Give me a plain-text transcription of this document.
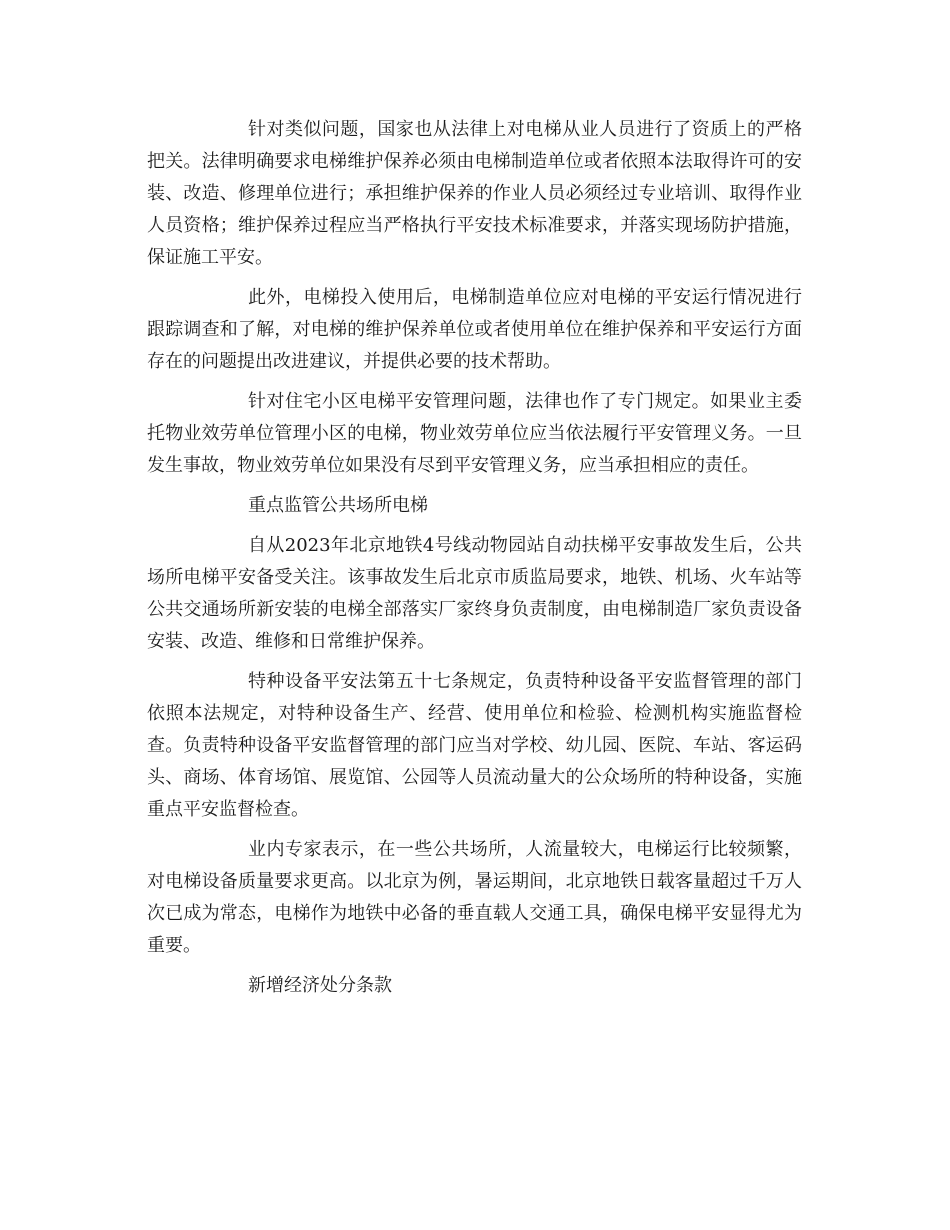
针对类似问题，国家也从法律上对电梯从业人员进行了资质上的严格把关。法律明确要求电梯维护保养必须由电梯制造单位或者依照本法取得许可的安装、改造、修理单位进行；承担维护保养的作业人员必须经过专业培训、取得作业人员资格；维护保养过程应当严格执行平安技术标准要求，并落实现场防护措施，保证施工平安。

此外，电梯投入使用后，电梯制造单位应对电梯的平安运行情况进行跟踪调查和了解，对电梯的维护保养单位或者使用单位在维护保养和平安运行方面存在的问题提出改进建议，并提供必要的技术帮助。

针对住宅小区电梯平安管理问题，法律也作了专门规定。如果业主委托物业效劳单位管理小区的电梯，物业效劳单位应当依法履行平安管理义务。一旦发生事故，物业效劳单位如果没有尽到平安管理义务，应当承担相应的责任。

重点监管公共场所电梯

自从2023年北京地铁4号线动物园站自动扶梯平安事故发生后，公共场所电梯平安备受关注。该事故发生后北京市质监局要求，地铁、机场、火车站等公共交通场所新安装的电梯全部落实厂家终身负责制度，由电梯制造厂家负责设备安装、改造、维修和日常维护保养。

特种设备平安法第五十七条规定，负责特种设备平安监督管理的部门依照本法规定，对特种设备生产、经营、使用单位和检验、检测机构实施监督检查。负责特种设备平安监督管理的部门应当对学校、幼儿园、医院、车站、客运码头、商场、体育场馆、展览馆、公园等人员流动量大的公众场所的特种设备，实施重点平安监督检查。

业内专家表示，在一些公共场所，人流量较大，电梯运行比较频繁，对电梯设备质量要求更高。以北京为例，暑运期间，北京地铁日载客量超过千万人次已成为常态，电梯作为地铁中必备的垂直载人交通工具，确保电梯平安显得尤为重要。

新增经济处分条款
